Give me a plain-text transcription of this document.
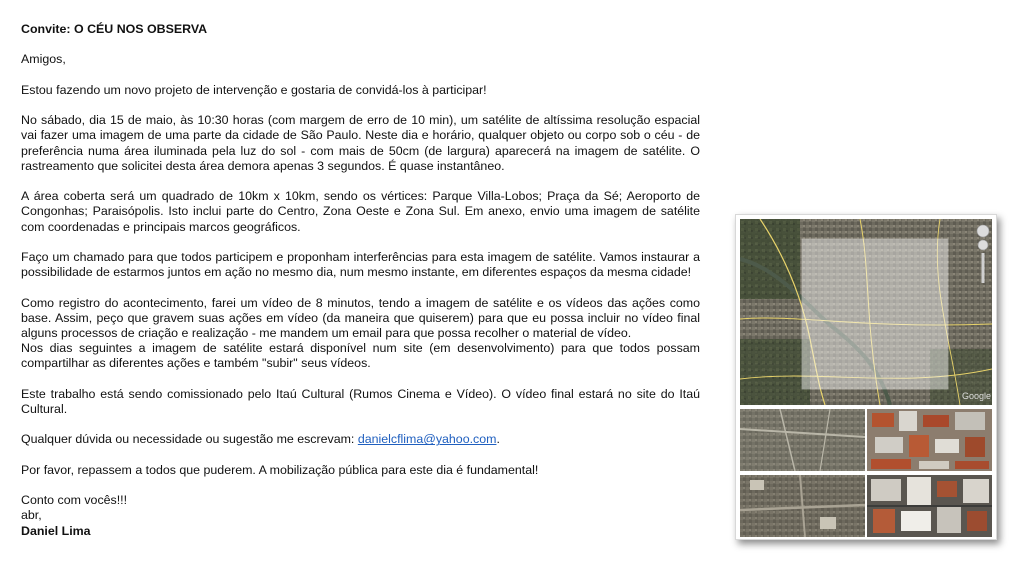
Convite: O CÉU NOS OBSERVA

Amigos,

Estou fazendo um novo projeto de intervenção e gostaria de convidá-los à participar!

No sábado, dia 15 de maio, às 10:30 horas (com margem de erro de 10 min), um satélite de altíssima resolução espacial vai fazer uma imagem de uma parte da cidade de São Paulo. Neste dia e horário, qualquer objeto ou corpo sob o céu - de preferência numa área iluminada pela luz do sol - com mais de 50cm (de largura) aparecerá na imagem de satélite. O rastreamento que solicitei desta área demora apenas 3 segundos. É quase instantâneo.

A área coberta será um quadrado de 10km x 10km, sendo os vértices: Parque Villa-Lobos; Praça da Sé; Aeroporto de Congonhas; Paraisópolis. Isto inclui parte do Centro, Zona Oeste e Zona Sul. Em anexo, envio uma imagem de satélite com coordenadas e principais marcos geográficos.

Faço um chamado para que todos participem e proponham interferências para esta imagem de satélite. Vamos instaurar a possibilidade de estarmos juntos em ação no mesmo dia, num mesmo instante, em diferentes espaços da mesma cidade!

Como registro do acontecimento, farei um vídeo de 8 minutos, tendo a imagem de satélite e os vídeos das ações como base. Assim, peço que gravem suas ações em vídeo (da maneira que quiserem) para que eu possa incluir no vídeo final alguns processos de criação e realização - me mandem um email para que possa recolher o material de vídeo.

Nos dias seguintes a imagem de satélite estará disponível num site (em desenvolvimento) para que todos possam compartilhar as diferentes ações e também "subir" seus vídeos.

Este trabalho está sendo comissionado pelo Itaú Cultural (Rumos Cinema e Vídeo). O vídeo final estará no site do Itaú Cultural.

Qualquer dúvida ou necessidade ou sugestão me escrevam: danielcflima@yahoo.com.

Por favor, repassem a todos que puderem. A mobilização pública para este dia é fundamental!

Conto com vocês!!!

abr,

Daniel Lima

Google
